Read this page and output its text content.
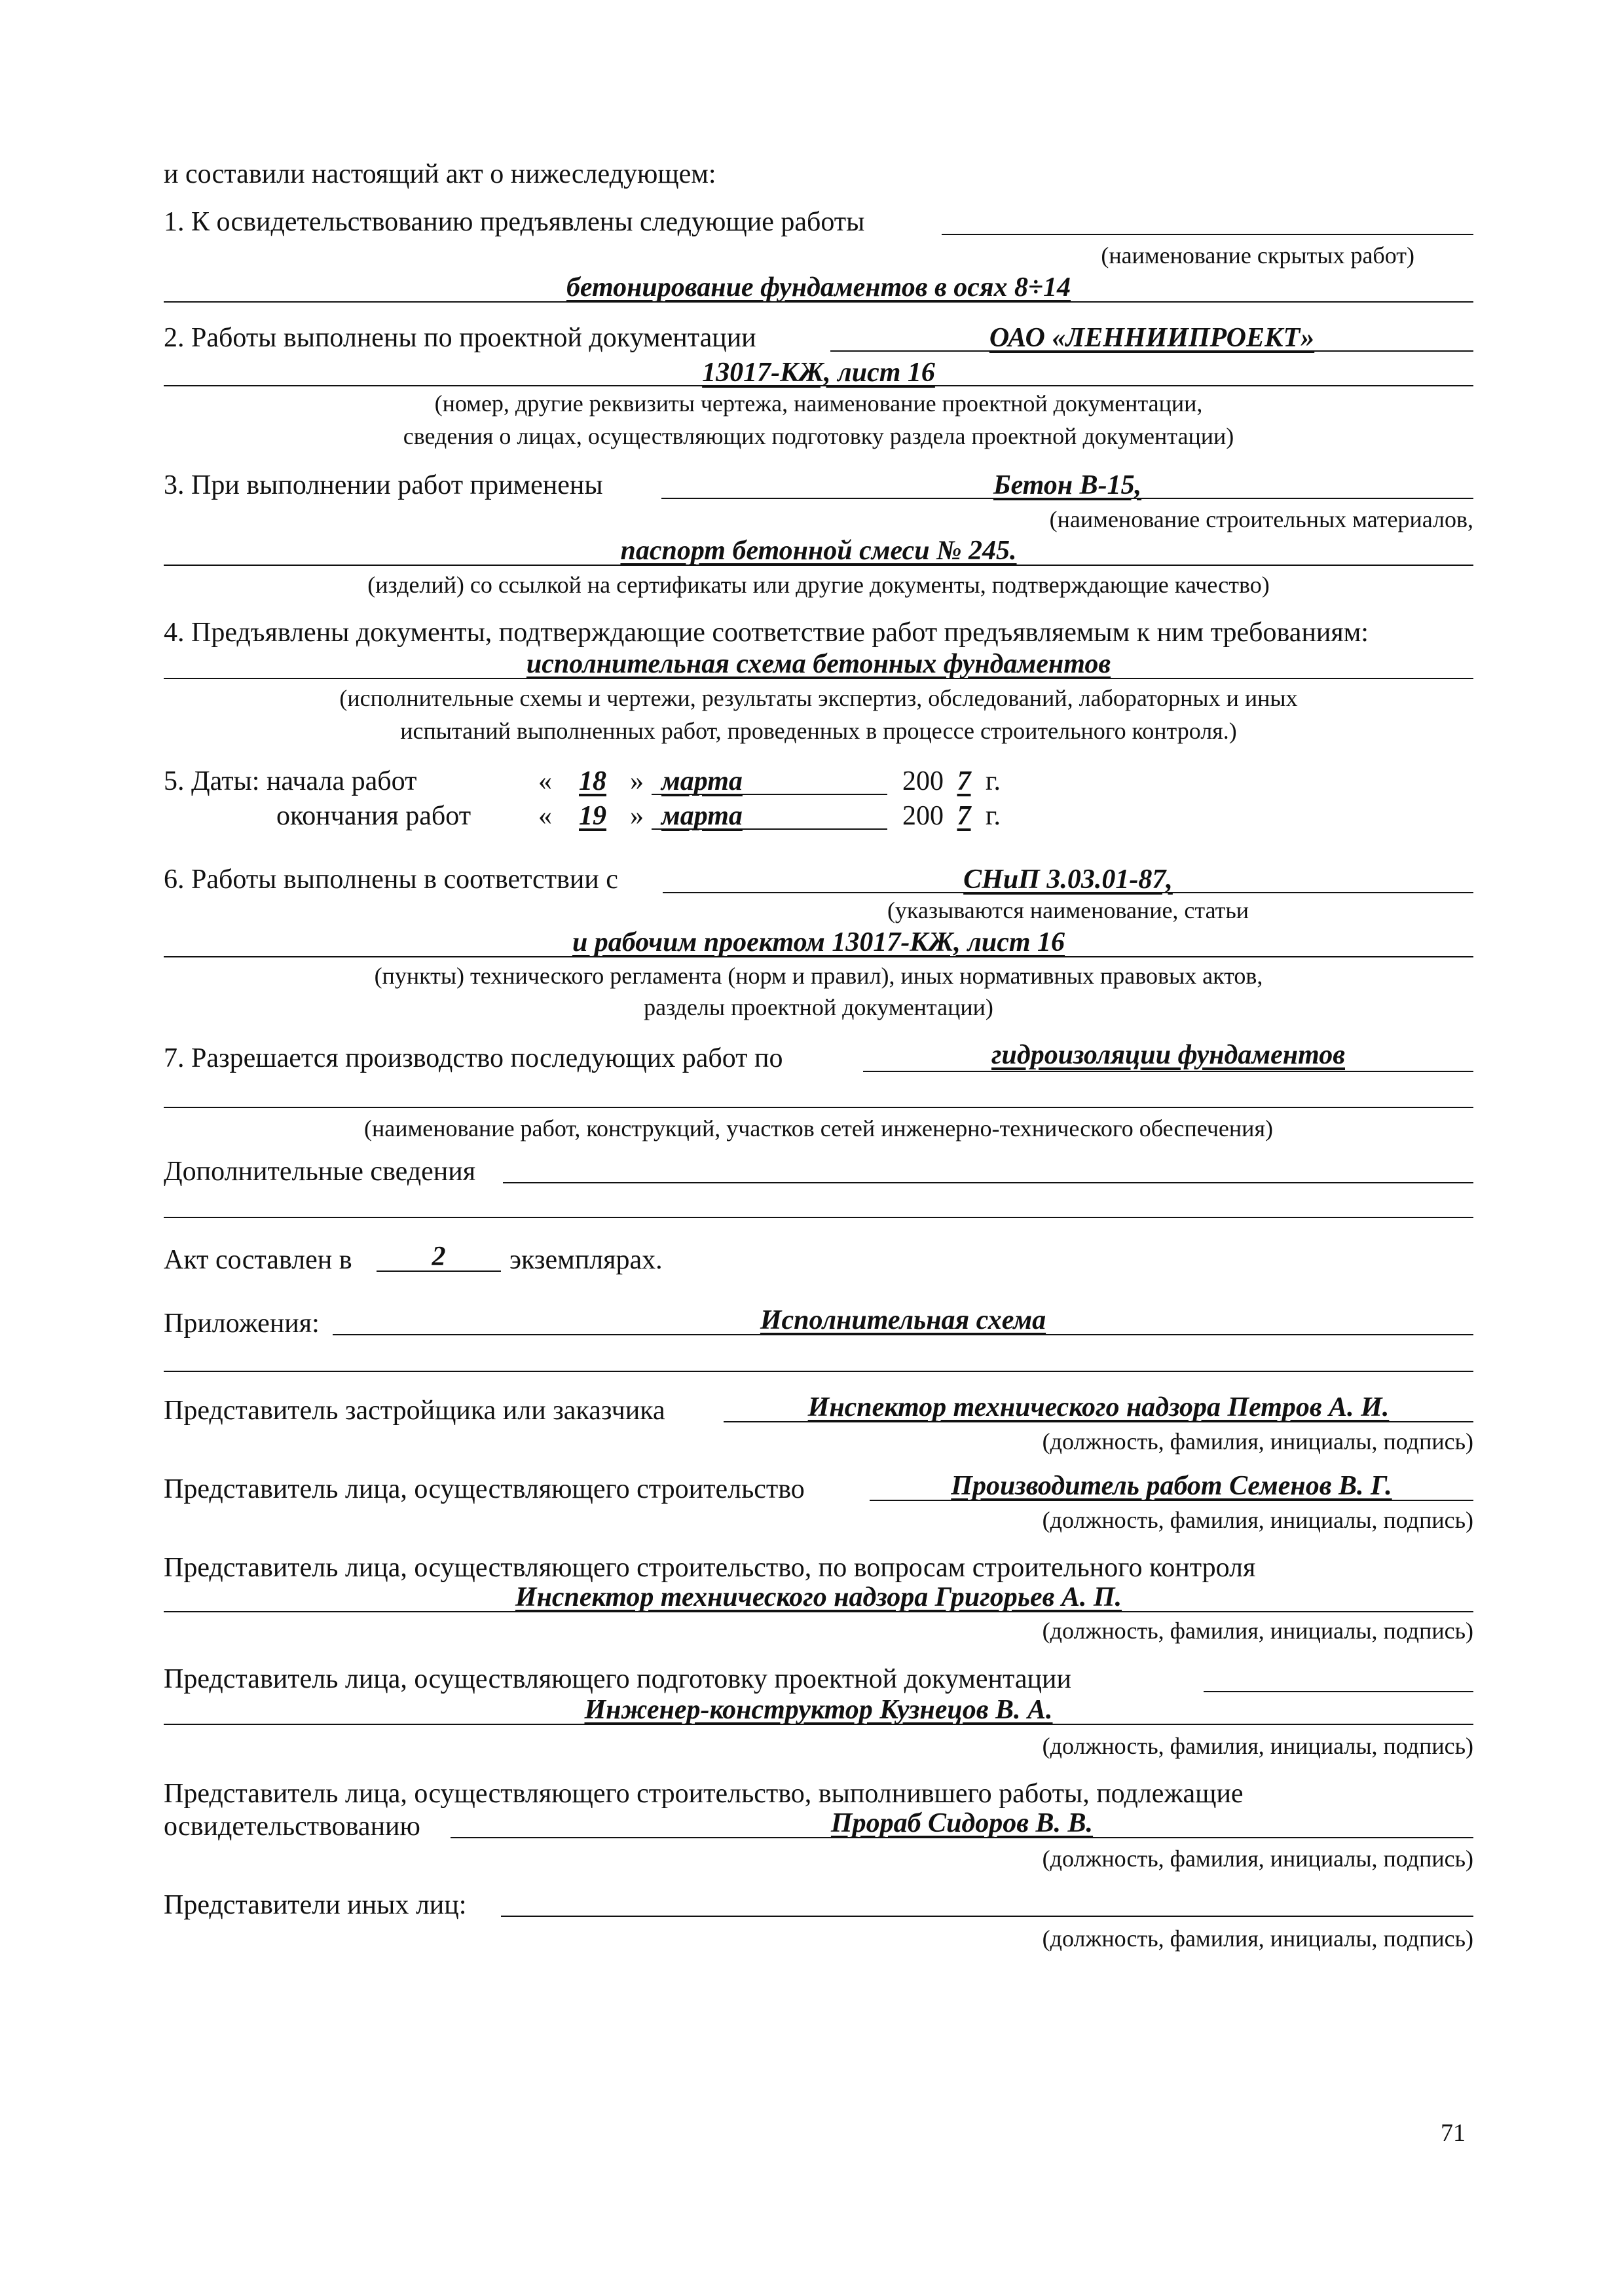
и составили настоящий акт о нижеследующем:
1. К освидетельствованию предъявлены следующие работы
(наименование скрытых работ)
бетонирование фундаментов в осях 8÷14
2. Работы выполнены по проектной документации	ОАО «ЛЕННИИПРОЕКТ»
13017-КЖ, лист 16
(номер, другие реквизиты чертежа, наименование проектной документации,
сведения о лицах, осуществляющих подготовку раздела проектной документации)
3. При выполнении работ применены	Бетон В-15,
(наименование строительных материалов,
паспорт бетонной смеси № 245.
(изделий) со ссылкой на сертификаты или другие документы, подтверждающие качество)
4. Предъявлены документы, подтверждающие соответствие работ предъявляемым к ним требованиям:
исполнительная схема бетонных фундаментов
(исполнительные схемы и чертежи, результаты экспертиз, обследований, лабораторных и иных
испытаний выполненных работ, проведенных в процессе строительного контроля.)
5. Даты: начала работ	« 18 » марта	200 7 г.
окончания работ « 19 » марта	200 7 г.
6. Работы выполнены в соответствии с	СНиП 3.03.01-87,
(указываются наименование, статьи
и рабочим проектом 13017-КЖ, лист 16
(пункты) технического регламента (норм и правил), иных нормативных правовых актов,
разделы проектной документации)
7. Разрешается производство последующих работ по	гидроизоляции фундаментов
(наименование работ, конструкций, участков сетей инженерно-технического обеспечения)
Дополнительные сведения
Акт составлен в	2	экземплярах.
Приложения:	Исполнительная схема
Представитель застройщика или заказчика	Инспектор технического надзора Петров А. И.
(должность, фамилия, инициалы, подпись)
Представитель лица, осуществляющего строительство	Производитель работ Семенов В. Г.
(должность, фамилия, инициалы, подпись)
Представитель лица, осуществляющего строительство, по вопросам строительного контроля
Инспектор технического надзора Григорьев А. П.
(должность, фамилия, инициалы, подпись)
Представитель лица, осуществляющего подготовку проектной документации
Инженер-конструктор Кузнецов В. А.
(должность, фамилия, инициалы, подпись)
Представитель лица, осуществляющего строительство, выполнившего работы, подлежащие
освидетельствованию	Прораб Сидоров В. В.
(должность, фамилия, инициалы, подпись)
Представители иных лиц:
(должность, фамилия, инициалы, подпись)
71
